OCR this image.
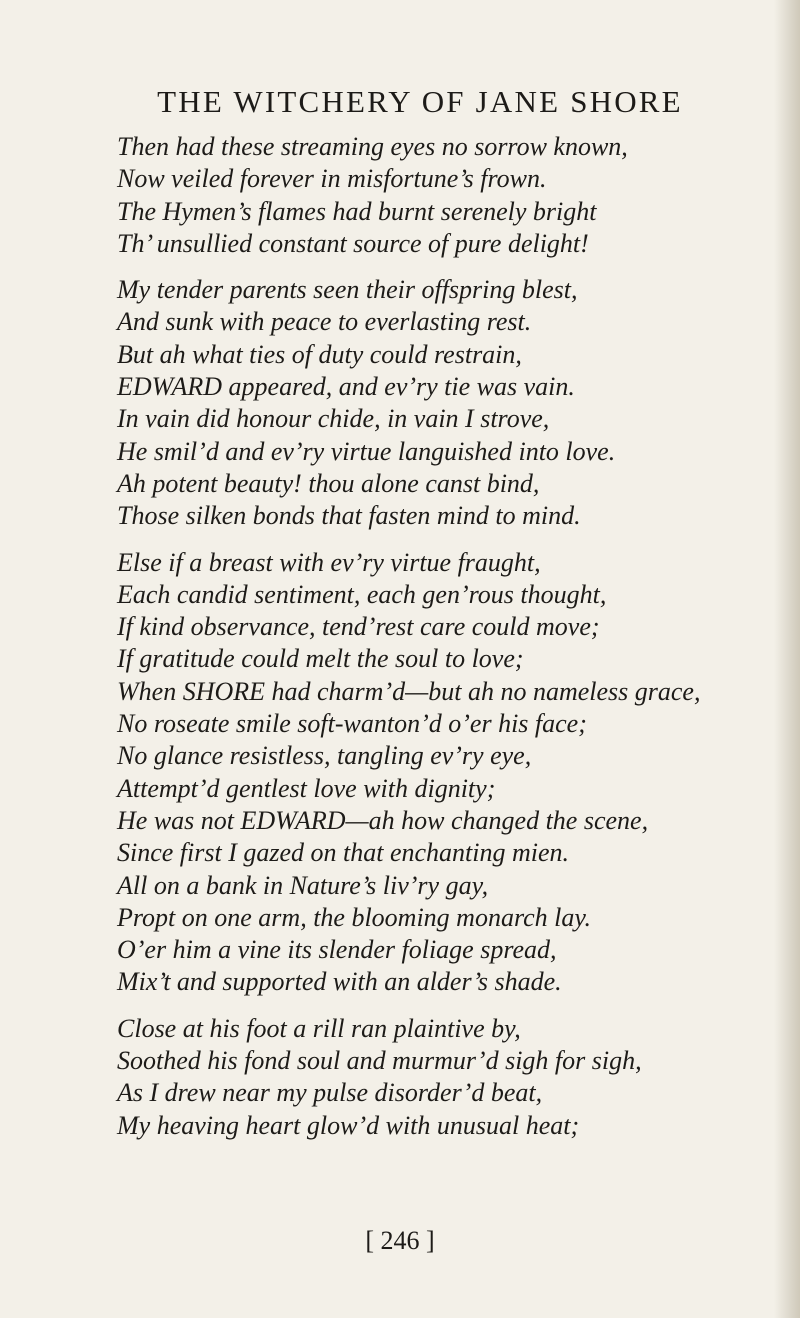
THE WITCHERY OF JANE SHORE
Then had these streaming eyes no sorrow known,
Now veiled forever in misfortune’s frown.
The Hymen’s flames had burnt serenely bright
Th’ unsullied constant source of pure delight!
My tender parents seen their offspring blest,
And sunk with peace to everlasting rest.
But ah what ties of duty could restrain,
EDWARD appeared, and ev’ry tie was vain.
In vain did honour chide, in vain I strove,
He smil’d and ev’ry virtue languished into love.
Ah potent beauty! thou alone canst bind,
Those silken bonds that fasten mind to mind.
Else if a breast with ev’ry virtue fraught,
Each candid sentiment, each gen’rous thought,
If kind observance, tend’rest care could move;
If gratitude could melt the soul to love;
When SHORE had charm’d—but ah no nameless grace,
No roseate smile soft-wanton’d o’er his face;
No glance resistless, tangling ev’ry eye,
Attempt’d gentlest love with dignity;
He was not EDWARD—ah how changed the scene,
Since first I gazed on that enchanting mien.
All on a bank in Nature’s liv’ry gay,
Propt on one arm, the blooming monarch lay.
O’er him a vine its slender foliage spread,
Mix’t and supported with an alder’s shade.
Close at his foot a rill ran plaintive by,
Soothed his fond soul and murmur’d sigh for sigh,
As I drew near my pulse disorder’d beat,
My heaving heart glow’d with unusual heat;
[ 246 ]
